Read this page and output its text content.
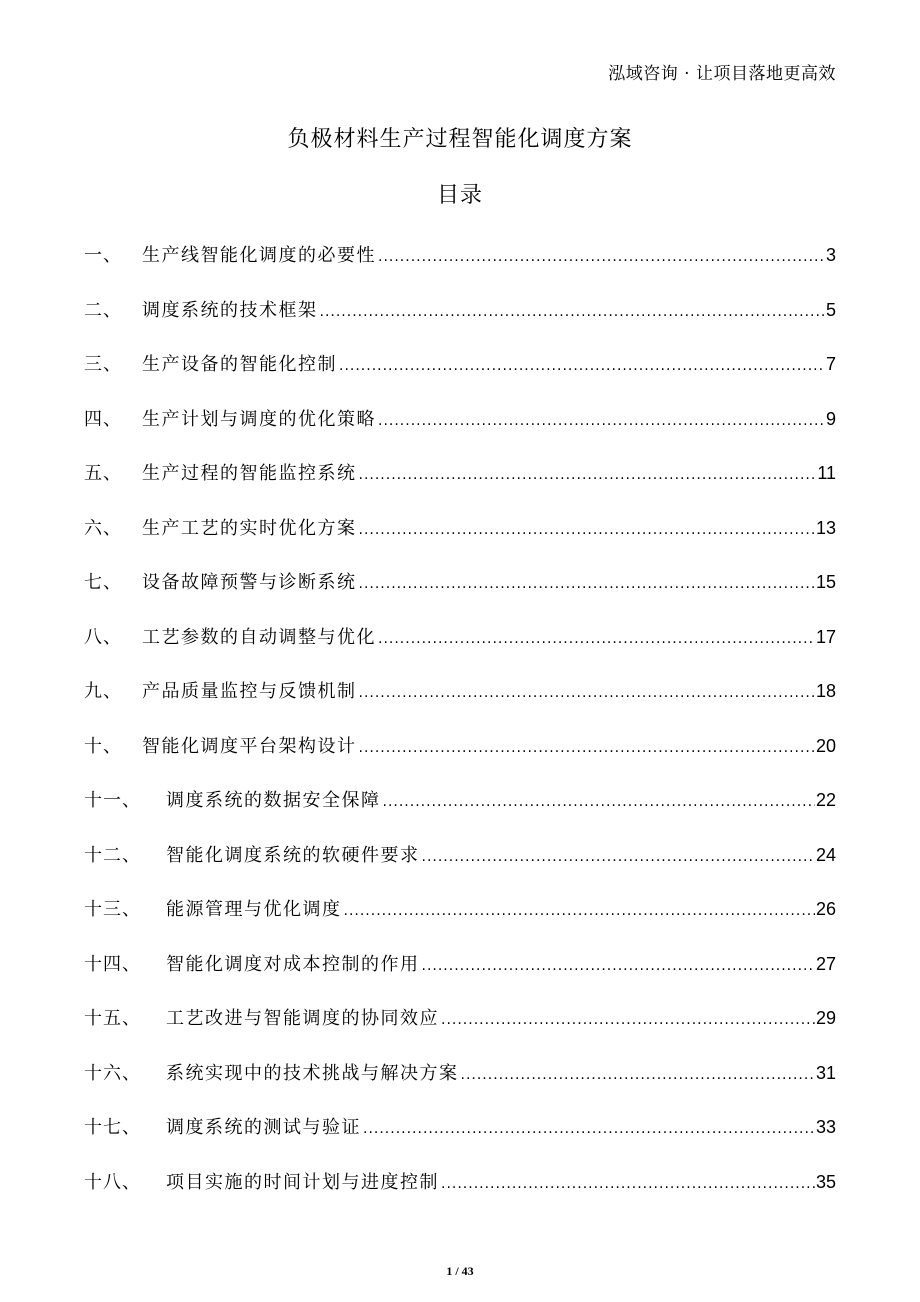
泓域咨询 · 让项目落地更高效
负极材料生产过程智能化调度方案
目录
一、	生产线智能化调度的必要性 .....	3
二、	调度系统的技术框架 .....	5
三、	生产设备的智能化控制 .....	7
四、	生产计划与调度的优化策略 .....	9
五、	生产过程的智能监控系统 .....	11
六、	生产工艺的实时优化方案 .....	13
七、	设备故障预警与诊断系统 .....	15
八、	工艺参数的自动调整与优化 .....	17
九、	产品质量监控与反馈机制 .....	18
十、	智能化调度平台架构设计 .....	20
十一、	调度系统的数据安全保障 .....	22
十二、	智能化调度系统的软硬件要求 .....	24
十三、	能源管理与优化调度 .....	26
十四、	智能化调度对成本控制的作用 .....	27
十五、	工艺改进与智能调度的协同效应 .....	29
十六、	系统实现中的技术挑战与解决方案 .....	31
十七、	调度系统的测试与验证 .....	33
十八、	项目实施的时间计划与进度控制 .....	35
1 / 43
